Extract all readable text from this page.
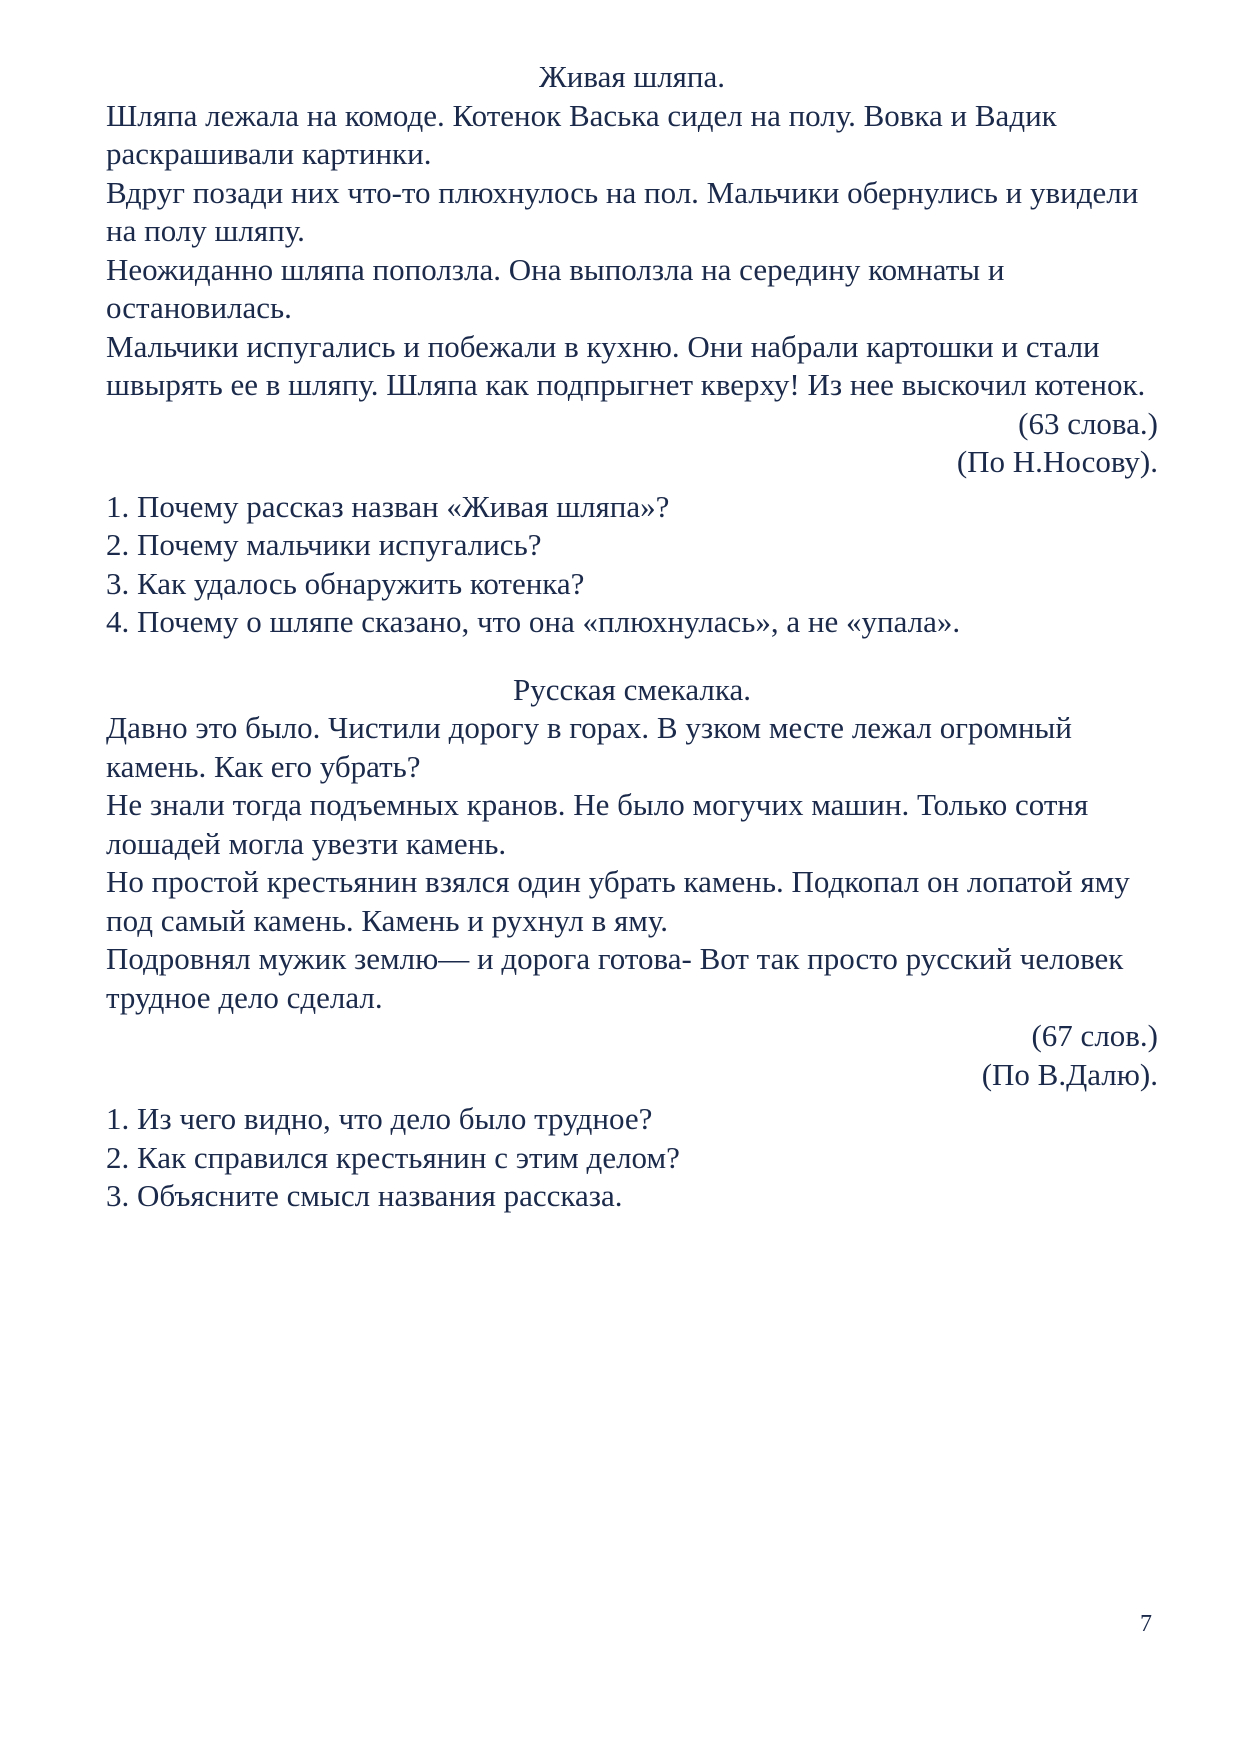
Живая шляпа.

Шляпа лежала на комоде. Котенок Васька сидел на полу. Вовка и Вадик раскрашивали картинки.

Вдруг позади них что-то плюхнулось на пол. Мальчики обернулись и увидели на полу шляпу.

Неожиданно шляпа поползла. Она выползла на середину комнаты и остановилась.

Мальчики испугались и побежали в кухню. Они набрали картошки и стали швырять ее в шляпу. Шляпа как подпрыгнет кверху! Из нее выскочил котенок.

(63 слова.)

(По Н.Носову).

1. Почему рассказ назван «Живая шляпа»?

2. Почему мальчики испугались?

3. Как удалось обнаружить котенка?

4. Почему о шляпе сказано, что она «плюхнулась», а не «упала».

Русская смекалка.

Давно это было. Чистили дорогу в горах. В узком месте лежал огромный камень. Как его убрать?

Не знали тогда подъемных кранов. Не было могучих машин. Только сотня лошадей могла увезти камень.

Но простой крестьянин взялся один убрать камень. Подкопал он лопатой яму под самый камень. Камень и рухнул в яму.

Подровнял мужик землю— и дорога готова- Вот так просто русский человек трудное дело сделал.

(67 слов.)

(По В.Далю).

1. Из чего видно, что дело было трудное?

2. Как справился крестьянин с этим делом?

3. Объясните смысл названия рассказа.

7
